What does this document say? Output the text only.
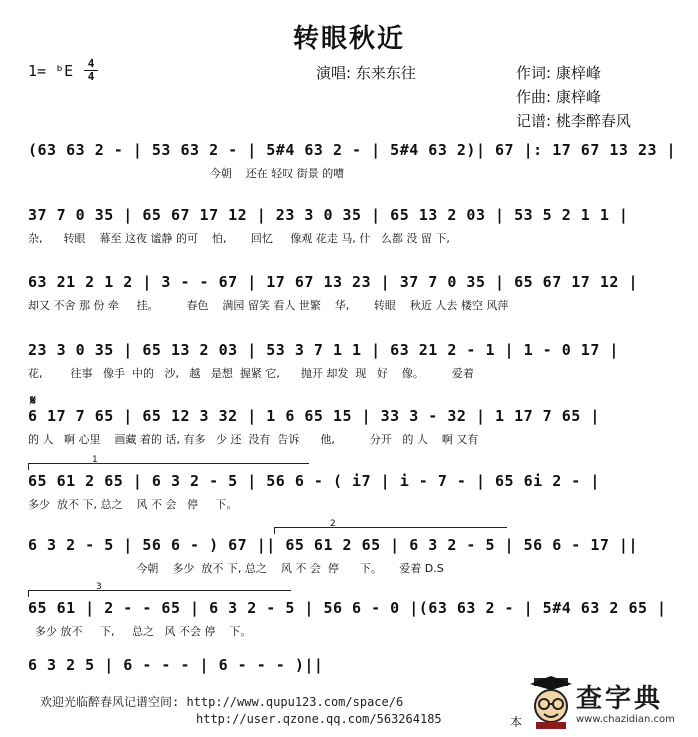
转眼秋近
1= ᵇE	4
4	演唱: 东来东往	作词: 康梓峰
作曲: 康梓峰
记谱: 桃李醉春风
(63 63 2 - | 53 63 2 - | 5#4 63 2 - | 5#4 63 2)| 67 |: 17 67 13 23 |
今朝    还在 轻叹 街景 的嘈
37 7 0 35 | 65 67 17 12 | 23 3 0 35 | 65 13 2 03 | 53 5 2 1 1 |
杂,      转眼    幕至 这夜 谧静 的可    怕,       回忆     像观 花走 马, 什   么都 没 留 下,
63 21 2 1 2 | 3 - - 67 | 17 67 13 23 | 37 7 0 35 | 65 67 17 12 |
却又 不舍 那 份 牵     挂。        春色    满园 留笑 看人 世繁    华,       转眼    秋近 人去 楼空 风萍
23 3 0 35 | 65 13 2 03 | 53 3 7 1 1 | 63 21 2 - 1 | 1 - 0 17 |
花,        往事   像手  中的   沙,   越   是想  握紧 它,      抛开 却发  现   好    像。        爱着
6 17 7 65 | 65 12 3 32 | 1 6 65 15 | 33 3 - 32 | 1 17 7 65 |
的 人   啊 心里    画藏 着的 话, 有多   少 还  没有  告诉      他,          分开   的 人    啊 又有
65 61 2 65 | 6 3 2 - 5 | 56 6 - ( i7 | i - 7 - | 65 6i 2 - |
多少  放不 下, 总之    风 不 会   停     下。
6 3 2 - 5 | 56 6 - ) 67 || 65 61 2 65 | 6 3 2 - 5 | 56 6 - 17 ||
今朝    多少  放不 下, 总之    风 不 会  停      下。     爱着 D.S
65 61 | 2 - - 65 | 6 3 2 - 5 | 56 6 - 0 |(63 63 2 - | 5#4 63 2 65 |
多少 放不     下,     总之   风 不会 停    下。
6 3 2 5 | 6 - - - | 6 - - - )||
𝄋
1
2
3
欢迎光临醉春风记谱空间: http://www.qupu123.com/space/6
http://user.qzone.qq.com/563264185	本
查字典
www.chazidian.com
